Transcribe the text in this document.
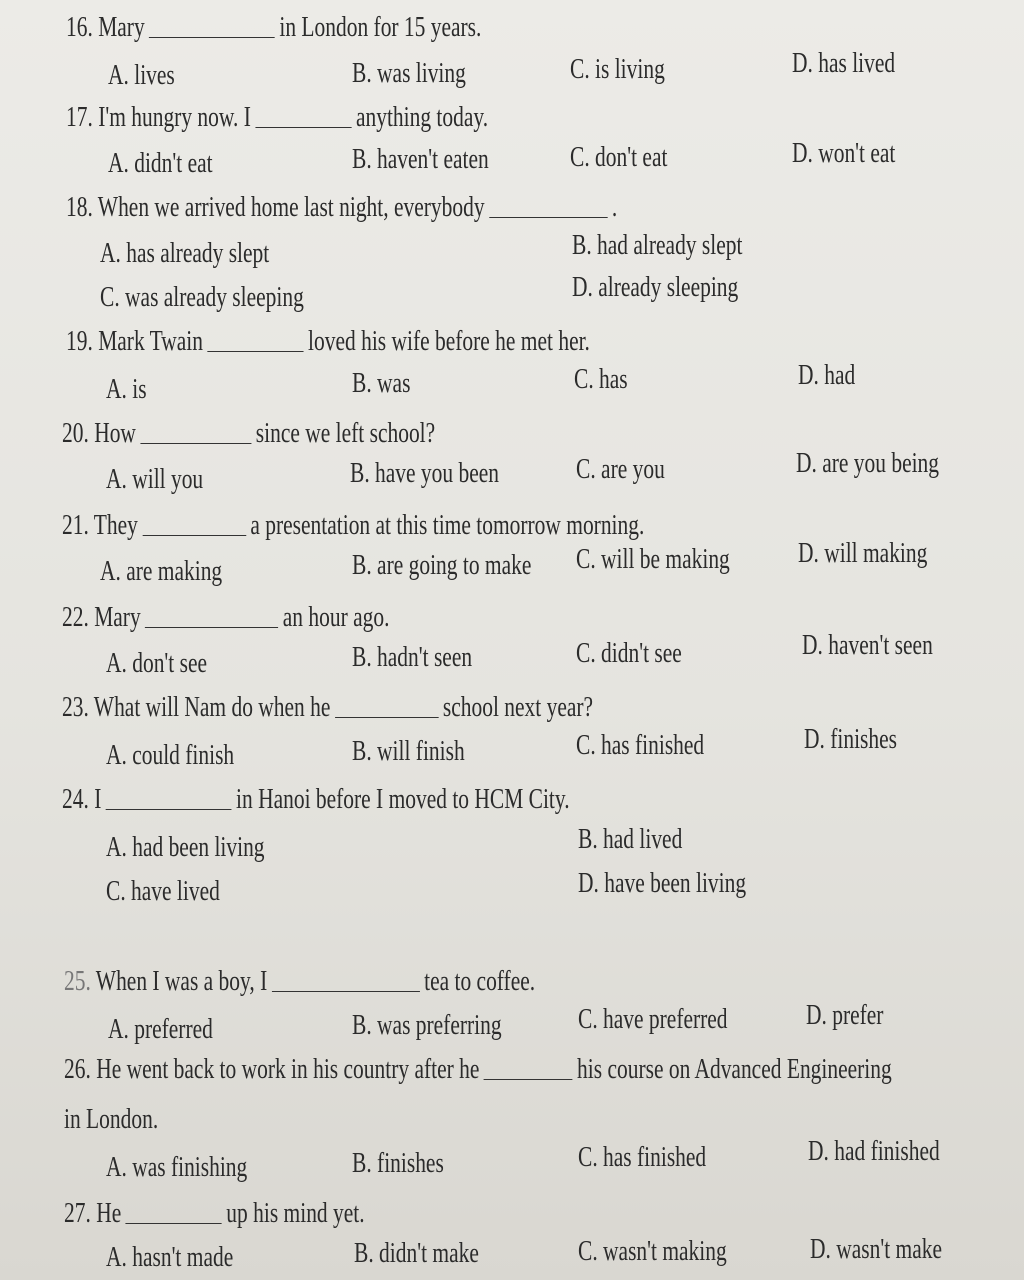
16. Mary	in London for 15 years.
A. lives	B. was living	C. is living	D. has lived
17. I'm hungry now. I	anything today.
A. didn't eat	B. haven't eaten	C. don't eat	D. won't eat
18. When we arrived home last night, everybody	.
A. has already slept	B. had already slept
C. was already sleeping	D. already sleeping
19. Mark Twain	loved his wife before he met her.
A. is	B. was	C. has	D. had
20. How	since we left school?
A. will you	B. have you been	C. are you	D. are you being
21. They	a presentation at this time tomorrow morning.
A. are making	B. are going to make C. will be making D. will making
22. Mary	an hour ago.
A. don't see	B. hadn't seen	C. didn't see	D. haven't seen
23. What will Nam do when he	school next year?
A. could finish	B. will finish	C. has finished	D. finishes
24. I	in Hanoi before I moved to HCM City.
A. had been living	B. had lived
C. have lived	D. have been living
25. When I was a boy, I	tea to coffee.
A. preferred	B. was preferring	C. have preferred	D. prefer
26. He went back to work in his country after he	his course on Advanced Engineering
in London.
A. was finishing	B. finishes	C. has finished	D. had finished
27. He	up his mind yet.
A. hasn't made	B. didn't make	C. wasn't making	D. wasn't make
